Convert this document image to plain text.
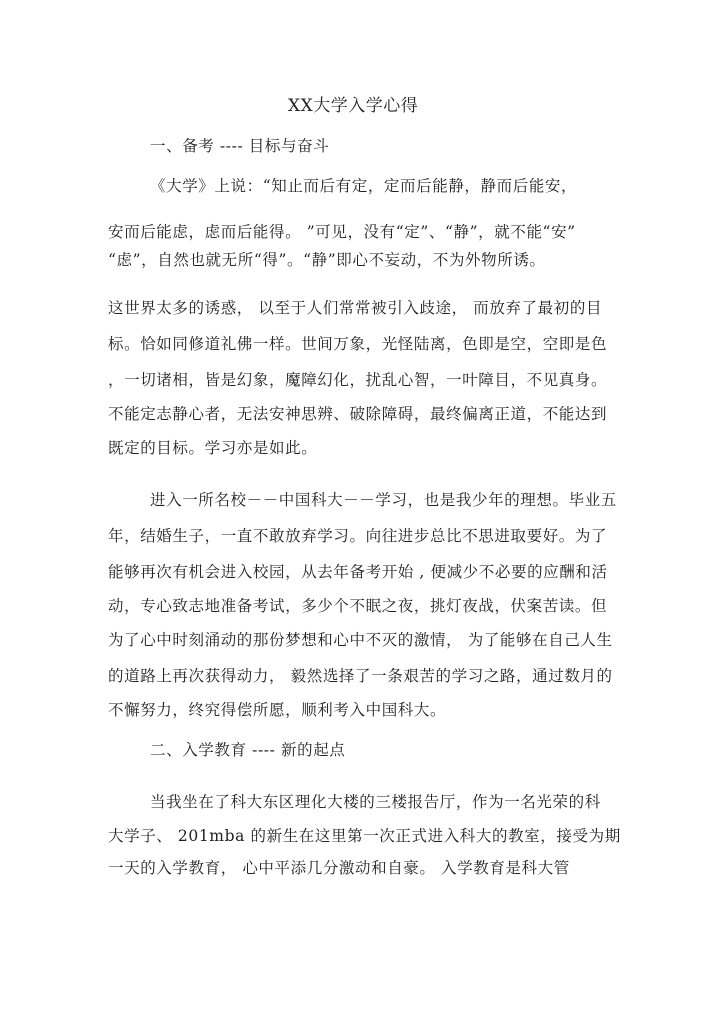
XX大学入学心得
一、备考 ---- 目标与奋斗
《大学》上说：“知止而后有定，定而后能静，静而后能安，
安而后能虑，虑而后能得。 ”可见，没有“定”、“静”，就不能“安”
“虑”，自然也就无所“得”。“静”即心不妄动，不为外物所诱。
这世界太多的诱惑， 以至于人们常常被引入歧途， 而放弃了最初的目
标。恰如同修道礼佛一样。世间万象，光怪陆离，色即是空，空即是色
，一切诸相，皆是幻象，魔障幻化，扰乱心智，一叶障目，不见真身。
不能定志静心者，无法安神思辨、破除障碍，最终偏离正道，不能达到
既定的目标。学习亦是如此。
进入一所名校－－中国科大－－学习，也是我少年的理想。毕业五
年，结婚生子，一直不敢放弃学习。向往进步总比不思进取要好。为了
能够再次有机会进入校园，从去年备考开始 , 便减少不必要的应酬和活
动，专心致志地准备考试，多少个不眠之夜，挑灯夜战，伏案苦读。但
为了心中时刻涌动的那份梦想和心中不灭的激情， 为了能够在自己人生
的道路上再次获得动力， 毅然选择了一条艰苦的学习之路，通过数月的
不懈努力，终究得偿所愿，顺利考入中国科大。
二、入学教育 ---- 新的起点
当我坐在了科大东区理化大楼的三楼报告厅，作为一名光荣的科
大学子、 201mba 的新生在这里第一次正式进入科大的教室，接受为期
一天的入学教育， 心中平添几分激动和自豪。 入学教育是科大管
